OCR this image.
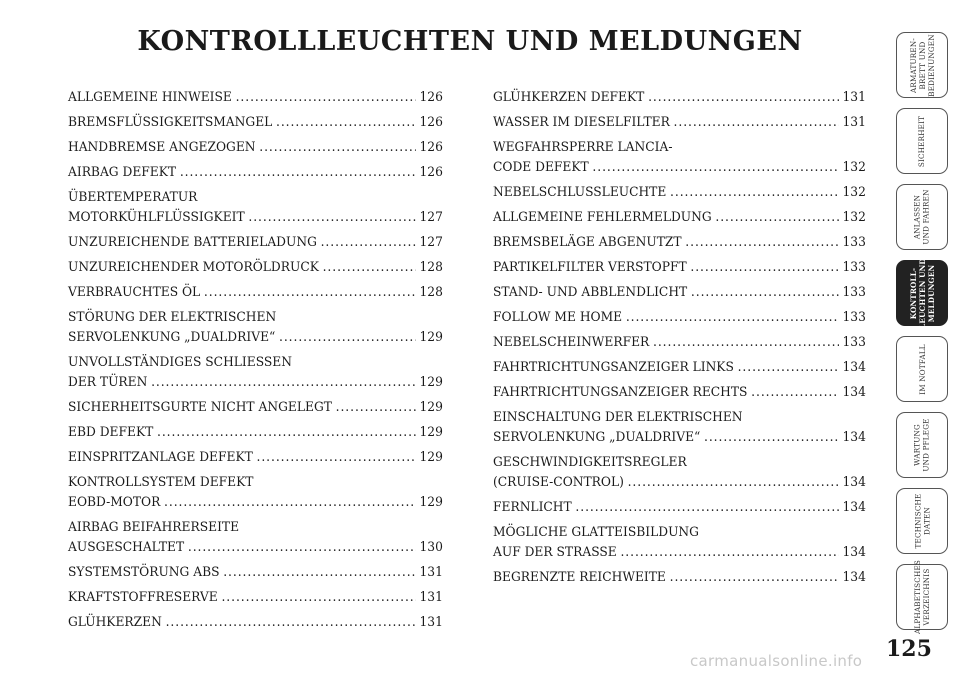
KONTROLLLEUCHTEN UND MELDUNGEN
ALLGEMEINE HINWEISE .....	126
BREMSFLÜSSIGKEITSMANGEL .....	126
HANDBREMSE ANGEZOGEN .....	126
AIRBAG DEFEKT .....	126
ÜBERTEMPERATUR
MOTORKÜHLFLÜSSIGKEIT .....	127
UNZUREICHENDE BATTERIELADUNG .....	127
UNZUREICHENDER MOTORÖLDRUCK .....	128
VERBRAUCHTES ÖL .....	128
STÖRUNG DER ELEKTRISCHEN
SERVOLENKUNG „DUALDRIVE“ .....	129
UNVOLLSTÄNDIGES SCHLIESSEN
DER TÜREN .....	129
SICHERHEITSGURTE NICHT ANGELEGT .....	129
EBD DEFEKT .....	129
EINSPRITZANLAGE DEFEKT .....	129
KONTROLLSYSTEM DEFEKT
EOBD-MOTOR .....	129
AIRBAG BEIFAHRERSEITE
AUSGESCHALTET .....	130
SYSTEMSTÖRUNG ABS .....	131
KRAFTSTOFFRESERVE .....	131
GLÜHKERZEN .....	131
GLÜHKERZEN DEFEKT .....	131
WASSER IM DIESELFILTER .....	131
WEGFAHRSPERRE LANCIA-
CODE DEFEKT .....	132
NEBELSCHLUSSLEUCHTE .....	132
ALLGEMEINE FEHLERMELDUNG .....	132
BREMSBELÄGE ABGENUTZT .....	133
PARTIKELFILTER VERSTOPFT .....	133
STAND- UND ABBLENDLICHT .....	133
FOLLOW ME HOME .....	133
NEBELSCHEINWERFER .....	133
FAHRTRICHTUNGSANZEIGER LINKS .....	134
FAHRTRICHTUNGSANZEIGER RECHTS .....	134
EINSCHALTUNG DER ELEKTRISCHEN
SERVOLENKUNG „DUALDRIVE“ .....	134
GESCHWINDIGKEITSREGLER
(CRUISE-CONTROL) .....	134
FERNLICHT .....	134
MÖGLICHE GLATTEISBILDUNG
AUF DER STRASSE .....	134
BEGRENZTE REICHWEITE .....	134
ARMATUREN-
BRETT UND
BEDIENUNGEN
SICHERHEIT
ANLASSEN
UND FAHREN
KONTROLL-
LEUCHTEN UND
MELDUNGEN
IM NOTFALL
WARTUNG
UND PFLEGE
TECHNISCHE
DATEN
ALPHABETISCHES
VERZEICHNIS
125
carmanualsonline.info
